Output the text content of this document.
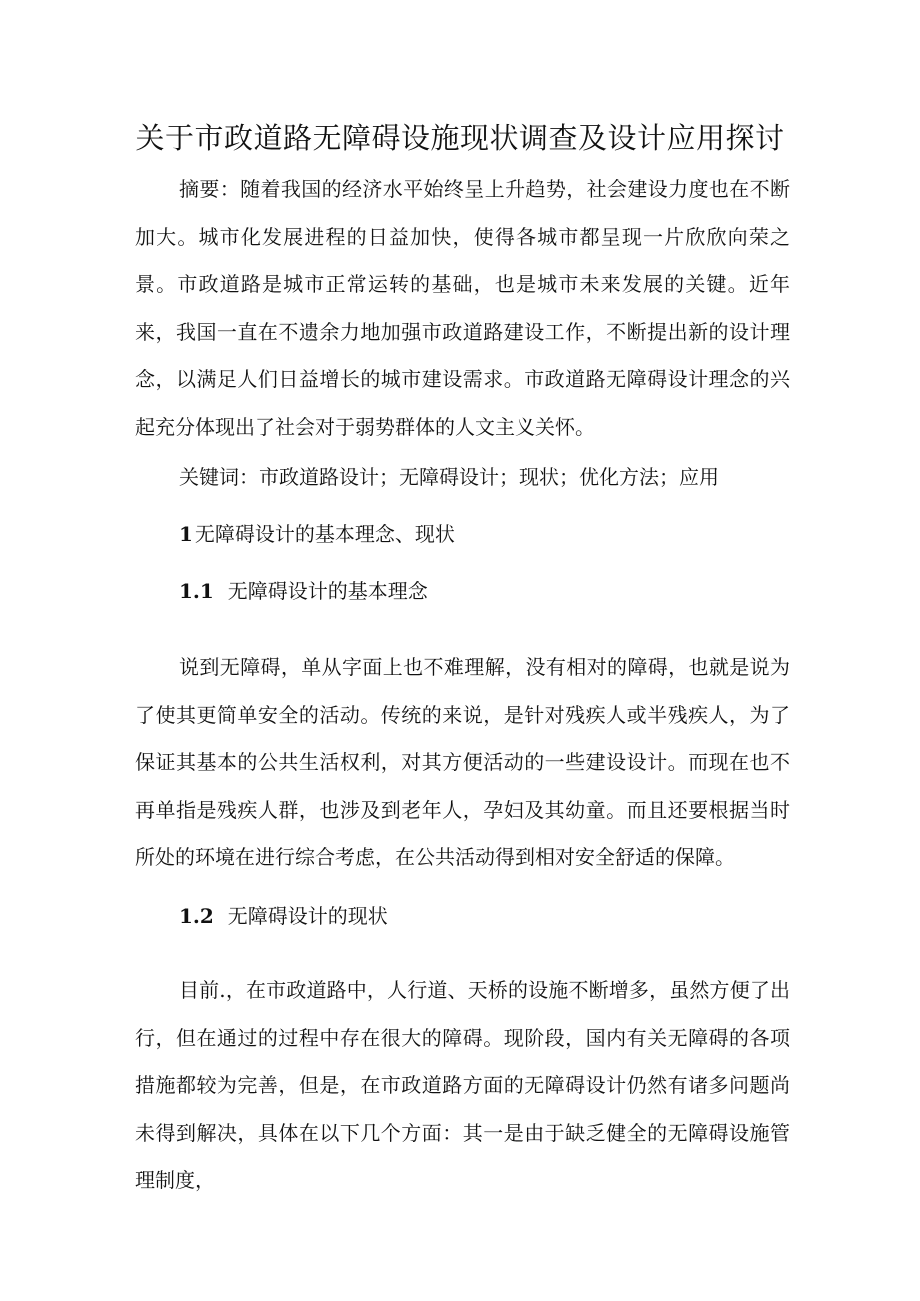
关于市政道路无障碍设施现状调查及设计应用探讨

摘要：随着我国的经济水平始终呈上升趋势，社会建设力度也在不断加大。城市化发展进程的日益加快，使得各城市都呈现一片欣欣向荣之景。市政道路是城市正常运转的基础，也是城市未来发展的关键。近年来，我国一直在不遗余力地加强市政道路建设工作，不断提出新的设计理念，以满足人们日益增长的城市建设需求。市政道路无障碍设计理念的兴起充分体现出了社会对于弱势群体的人文主义关怀。

关键词：市政道路设计；无障碍设计；现状；优化方法；应用

1 无障碍设计的基本理念、现状
1.1 无障碍设计的基本理念

说到无障碍，单从字面上也不难理解，没有相对的障碍，也就是说为了使其更简单安全的活动。传统的来说，是针对残疾人或半残疾人，为了保证其基本的公共生活权利，对其方便活动的一些建设设计。而现在也不再单指是残疾人群，也涉及到老年人，孕妇及其幼童。而且还要根据当时所处的环境在进行综合考虑，在公共活动得到相对安全舒适的保障。

1.2 无障碍设计的现状

目前.，在市政道路中，人行道、天桥的设施不断增多，虽然方便了出行，但在通过的过程中存在很大的障碍。现阶段，国内有关无障碍的各项措施都较为完善，但是，在市政道路方面的无障碍设计仍然有诸多问题尚未得到解决，具体在以下几个方面：其一是由于缺乏健全的无障碍设施管理制度，
